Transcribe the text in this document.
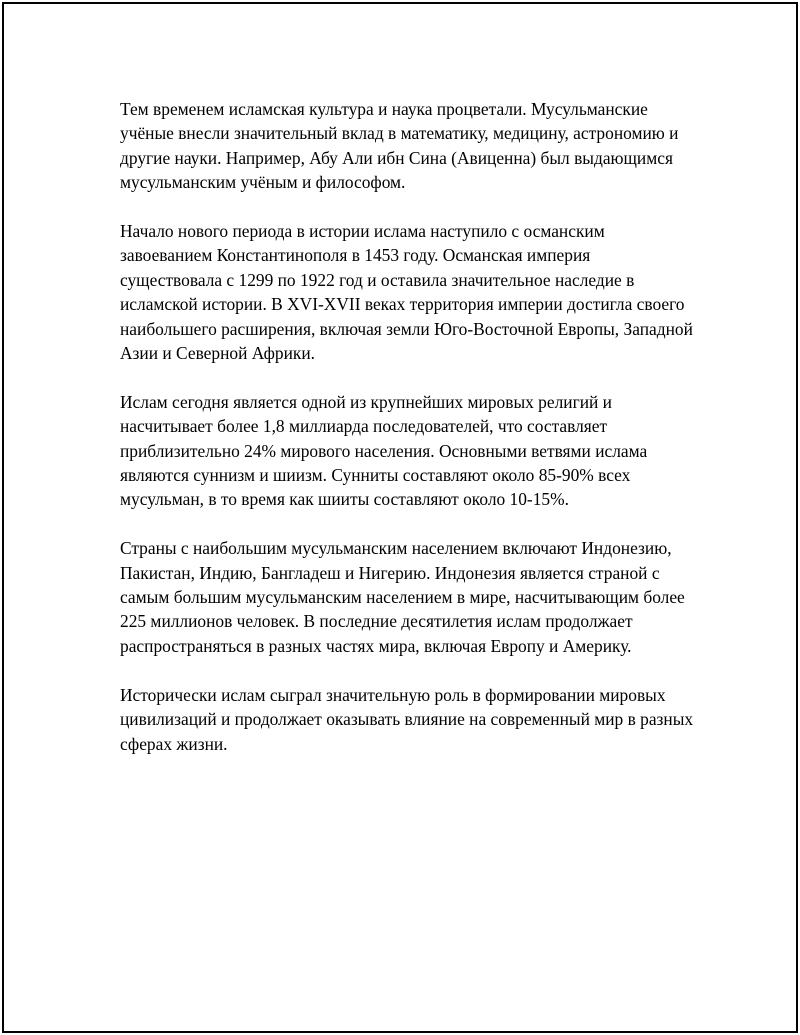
Тем временем исламская культура и наука процветали. Мусульманские учёные внесли значительный вклад в математику, медицину, астрономию и другие науки. Например, Абу Али ибн Сина (Авиценна) был выдающимся мусульманским учёным и философом.

Начало нового периода в истории ислама наступило с османским завоеванием Константинополя в 1453 году. Османская империя существовала с 1299 по 1922 год и оставила значительное наследие в исламской истории. В XVI-XVII веках территория империи достигла своего наибольшего расширения, включая земли Юго-Восточной Европы, Западной Азии и Северной Африки.

Ислам сегодня является одной из крупнейших мировых религий и насчитывает более 1,8 миллиарда последователей, что составляет приблизительно 24% мирового населения. Основными ветвями ислама являются суннизм и шиизм. Сунниты составляют около 85-90% всех мусульман, в то время как шииты составляют около 10-15%.

Страны с наибольшим мусульманским населением включают Индонезию, Пакистан, Индию, Бангладеш и Нигерию. Индонезия является страной с самым большим мусульманским населением в мире, насчитывающим более 225 миллионов человек. В последние десятилетия ислам продолжает распространяться в разных частях мира, включая Европу и Америку.

Исторически ислам сыграл значительную роль в формировании мировых цивилизаций и продолжает оказывать влияние на современный мир в разных сферах жизни.
